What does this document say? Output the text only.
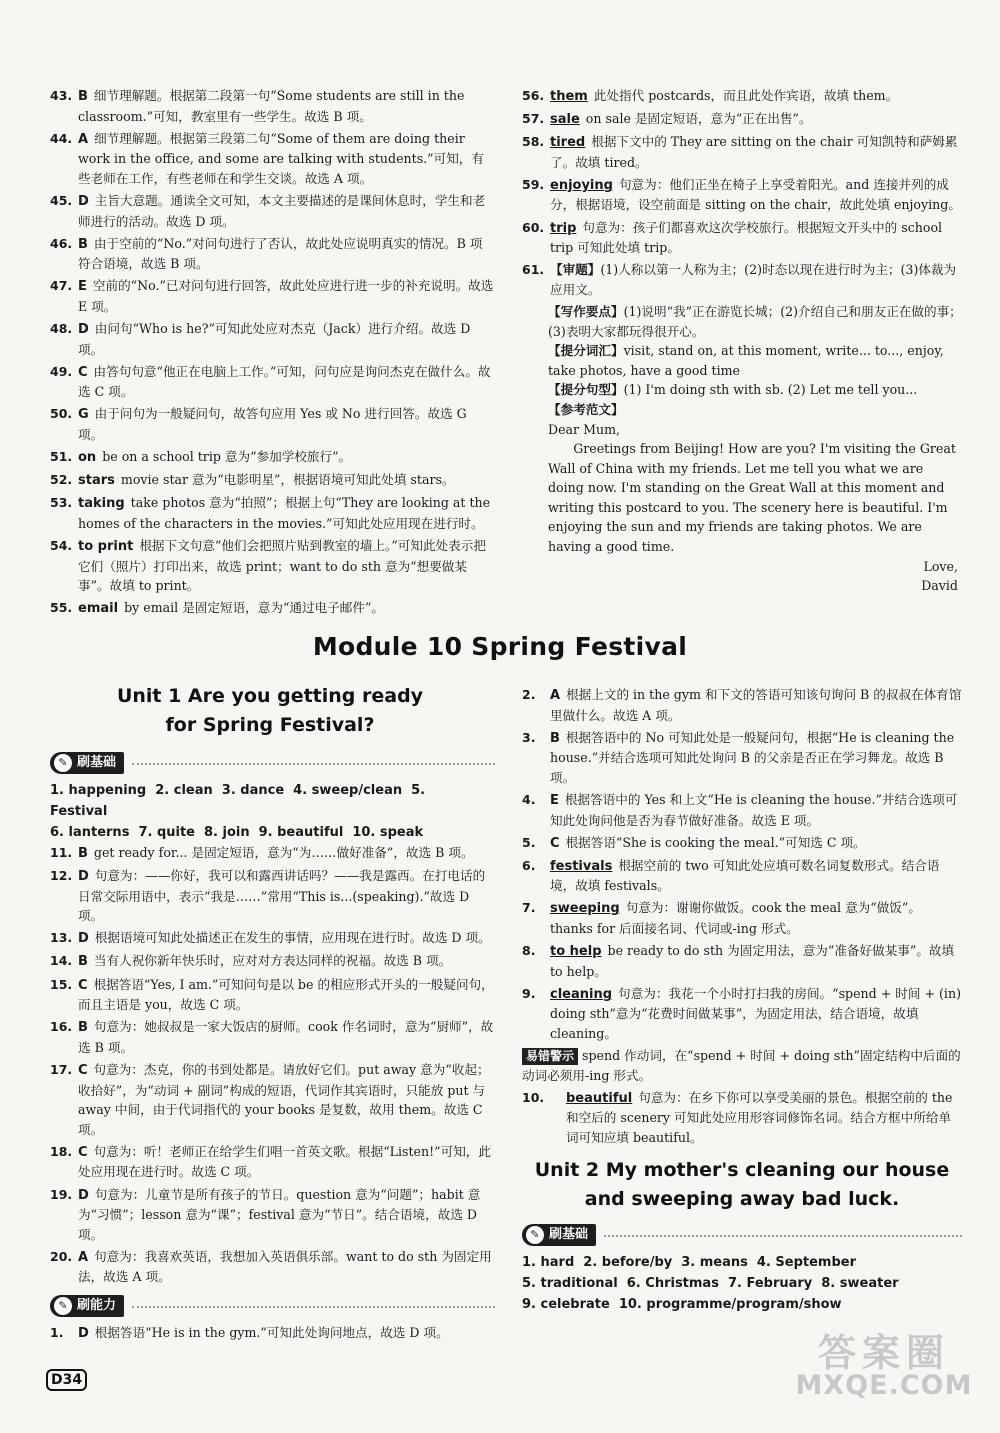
43. B 细节理解题。根据第二段第一句“Some students are still in the classroom.”可知，教室里有一些学生。故选 B 项。
44. A 细节理解题。根据第三段第二句“Some of them are doing their work in the office, and some are talking with students.”可知，有些老师在工作，有些老师在和学生交谈。故选 A 项。
45. D 主旨大意题。通读全文可知，本文主要描述的是课间休息时，学生和老师进行的活动。故选 D 项。
46. B 由于空前的“No.”对问句进行了否认，故此处应说明真实的情况。B 项符合语境，故选 B 项。
47. E 空前的“No.”已对问句进行回答，故此处应进行进一步的补充说明。故选 E 项。
48. D 由问句“Who is he?”可知此处应对杰克（Jack）进行介绍。故选 D 项。
49. C 由答句句意“他正在电脑上工作。”可知，问句应是询问杰克在做什么。故选 C 项。
50. G 由于问句为一般疑问句，故答句应用 Yes 或 No 进行回答。故选 G 项。
51. on be on a school trip 意为“参加学校旅行”。
52. stars movie star 意为“电影明星”，根据语境可知此处填 stars。
53. taking take photos 意为“拍照”；根据上句“They are looking at the homes of the characters in the movies.”可知此处应用现在进行时。
54. to print 根据下文句意“他们会把照片贴到教室的墙上。”可知此处表示把它们（照片）打印出来，故选 print；want to do sth 意为“想要做某事”。故填 to print。
55. email by email 是固定短语，意为“通过电子邮件”。
56. them 此处指代 postcards，而且此处作宾语，故填 them。
57. sale on sale 是固定短语，意为“正在出售”。
58. tired 根据下文中的 They are sitting on the chair 可知凯特和萨姆累了。故填 tired。
59. enjoying 句意为：他们正坐在椅子上享受着阳光。and 连接并列的成分，根据语境，设空前面是 sitting on the chair，故此处填 enjoying。
60. trip 句意为：孩子们都喜欢这次学校旅行。根据短文开头中的 school trip 可知此处填 trip。
61. 【审题】(1)人称以第一人称为主；(2)时态以现在进行时为主；(3)体裁为应用文。

【写作要点】(1)说明“我”正在游览长城；(2)介绍自己和朋友正在做的事；(3)表明大家都玩得很开心。

【提分词汇】visit, stand on, at this moment, write... to..., enjoy, take photos, have a good time

【提分句型】(1) I'm doing sth with sb. (2) Let me tell you...

【参考范文】

Dear Mum,

Greetings from Beijing! How are you? I'm visiting the Great Wall of China with my friends. Let me tell you what we are doing now. I'm standing on the Great Wall at this moment and writing this postcard to you. The scenery here is beautiful. I'm enjoying the sun and my friends are taking photos. We are having a good time.

Love,

David

Module 10 Spring Festival
Unit 1 Are you getting ready
for Spring Festival?
✎ 刷基础
1. happening 2. clean 3. dance 4. sweep/clean 5. Festival
6. lanterns 7. quite 8. join 9. beautiful 10. speak
11. B get ready for... 是固定短语，意为“为……做好准备”，故选 B 项。
12. D 句意为：——你好，我可以和露西讲话吗？——我是露西。在打电话的日常交际用语中，表示“我是……”常用“This is...(speaking).”故选 D 项。
13. D 根据语境可知此处描述正在发生的事情，应用现在进行时。故选 D 项。
14. B 当有人祝你新年快乐时，应对对方表达同样的祝福。故选 B 项。
15. C 根据答语“Yes, I am.”可知问句是以 be 的相应形式开头的一般疑问句，而且主语是 you，故选 C 项。
16. B 句意为：她叔叔是一家大饭店的厨师。cook 作名词时，意为“厨师”，故选 B 项。
17. C 句意为：杰克，你的书到处都是。请放好它们。put away 意为“收起；收拾好”，为“动词 + 副词”构成的短语，代词作其宾语时，只能放 put 与 away 中间，由于代词指代的 your books 是复数，故用 them。故选 C 项。
18. C 句意为：听！老师正在给学生们唱一首英文歌。根据“Listen!”可知，此处应用现在进行时。故选 C 项。
19. D 句意为：儿童节是所有孩子的节日。question 意为“问题”；habit 意为“习惯”；lesson 意为“课”；festival 意为“节日”。结合语境，故选 D 项。
20. A 句意为：我喜欢英语，我想加入英语俱乐部。want to do sth 为固定用法，故选 A 项。
✎ 刷能力
1. D 根据答语“He is in the gym.”可知此处询问地点，故选 D 项。
2. A 根据上文的 in the gym 和下文的答语可知该句询问 B 的叔叔在体育馆里做什么。故选 A 项。
3. B 根据答语中的 No 可知此处是一般疑问句，根据“He is cleaning the house.”并结合选项可知此处询问 B 的父亲是否正在学习舞龙。故选 B 项。
4. E 根据答语中的 Yes 和上文“He is cleaning the house.”并结合选项可知此处询问他是否为春节做好准备。故选 E 项。
5. C 根据答语“She is cooking the meal.”可知选 C 项。
6. festivals 根据空前的 two 可知此处应填可数名词复数形式。结合语境，故填 festivals。
7. sweeping 句意为：谢谢你做饭。cook the meal 意为“做饭”。thanks for 后面接名词、代词或-ing 形式。
8. to help be ready to do sth 为固定用法，意为“准备好做某事”。故填 to help。
9. cleaning 句意为：我花一个小时打扫我的房间。“spend + 时间 + (in) doing sth”意为“花费时间做某事”，为固定用法，结合语境，故填 cleaning。
易错警示 spend 作动词，在“spend + 时间 + doing sth”固定结构中后面的动词必须用-ing 形式。
10. beautiful 句意为：在乡下你可以享受美丽的景色。根据空前的 the 和空后的 scenery 可知此处应用形容词修饰名词。结合方框中所给单词可知应填 beautiful。
Unit 2 My mother's cleaning our house
and sweeping away bad luck.
✎ 刷基础
1. hard 2. before/by 3. means 4. September
5. traditional 6. Christmas 7. February 8. sweater
9. celebrate 10. programme/program/show
D34
答案圈
MXQE.COM
